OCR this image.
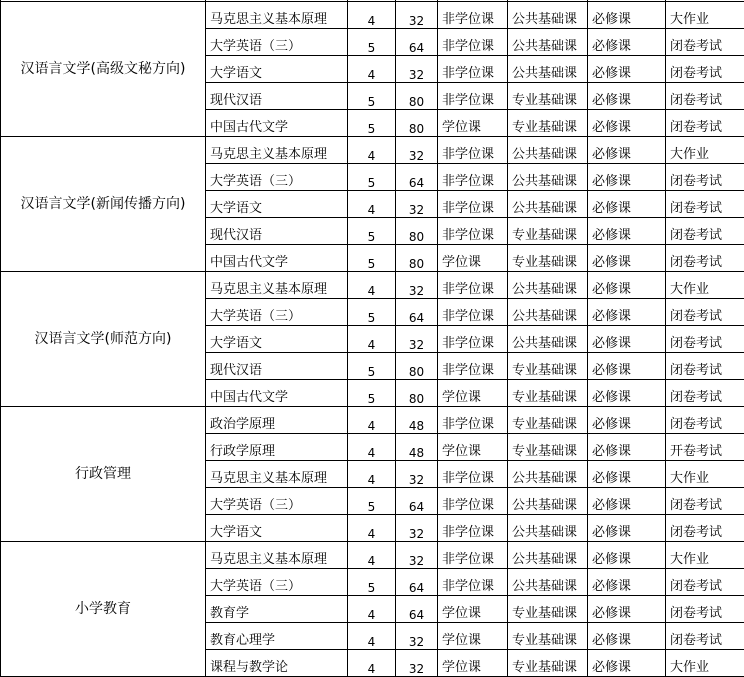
汉语言文学(高级文秘方向)	马克思主义基本原理	4	32	非学位课	公共基础课	必修课	大作业
	大学英语（三）	5	64	非学位课	公共基础课	必修课	闭卷考试
	大学语文	4	32	非学位课	公共基础课	必修课	闭卷考试
	现代汉语	5	80	非学位课	专业基础课	必修课	闭卷考试
	中国古代文学	5	80	学位课	专业基础课	必修课	闭卷考试
汉语言文学(新闻传播方向)	马克思主义基本原理	4	32	非学位课	公共基础课	必修课	大作业
	大学英语（三）	5	64	非学位课	公共基础课	必修课	闭卷考试
	大学语文	4	32	非学位课	公共基础课	必修课	闭卷考试
	现代汉语	5	80	非学位课	专业基础课	必修课	闭卷考试
	中国古代文学	5	80	学位课	专业基础课	必修课	闭卷考试
汉语言文学(师范方向)	马克思主义基本原理	4	32	非学位课	公共基础课	必修课	大作业
	大学英语（三）	5	64	非学位课	公共基础课	必修课	闭卷考试
	大学语文	4	32	非学位课	公共基础课	必修课	闭卷考试
	现代汉语	5	80	非学位课	专业基础课	必修课	闭卷考试
	中国古代文学	5	80	学位课	专业基础课	必修课	闭卷考试
行政管理	政治学原理	4	48	非学位课	专业基础课	必修课	闭卷考试
	行政学原理	4	48	学位课	专业基础课	必修课	开卷考试
	马克思主义基本原理	4	32	非学位课	公共基础课	必修课	大作业
	大学英语（三）	5	64	非学位课	公共基础课	必修课	闭卷考试
	大学语文	4	32	非学位课	公共基础课	必修课	闭卷考试
小学教育	马克思主义基本原理	4	32	非学位课	公共基础课	必修课	大作业
	大学英语（三）	5	64	非学位课	公共基础课	必修课	闭卷考试
	教育学	4	64	学位课	专业基础课	必修课	闭卷考试
	教育心理学	4	32	学位课	专业基础课	必修课	闭卷考试
	课程与教学论	4	32	学位课	专业基础课	必修课	大作业
